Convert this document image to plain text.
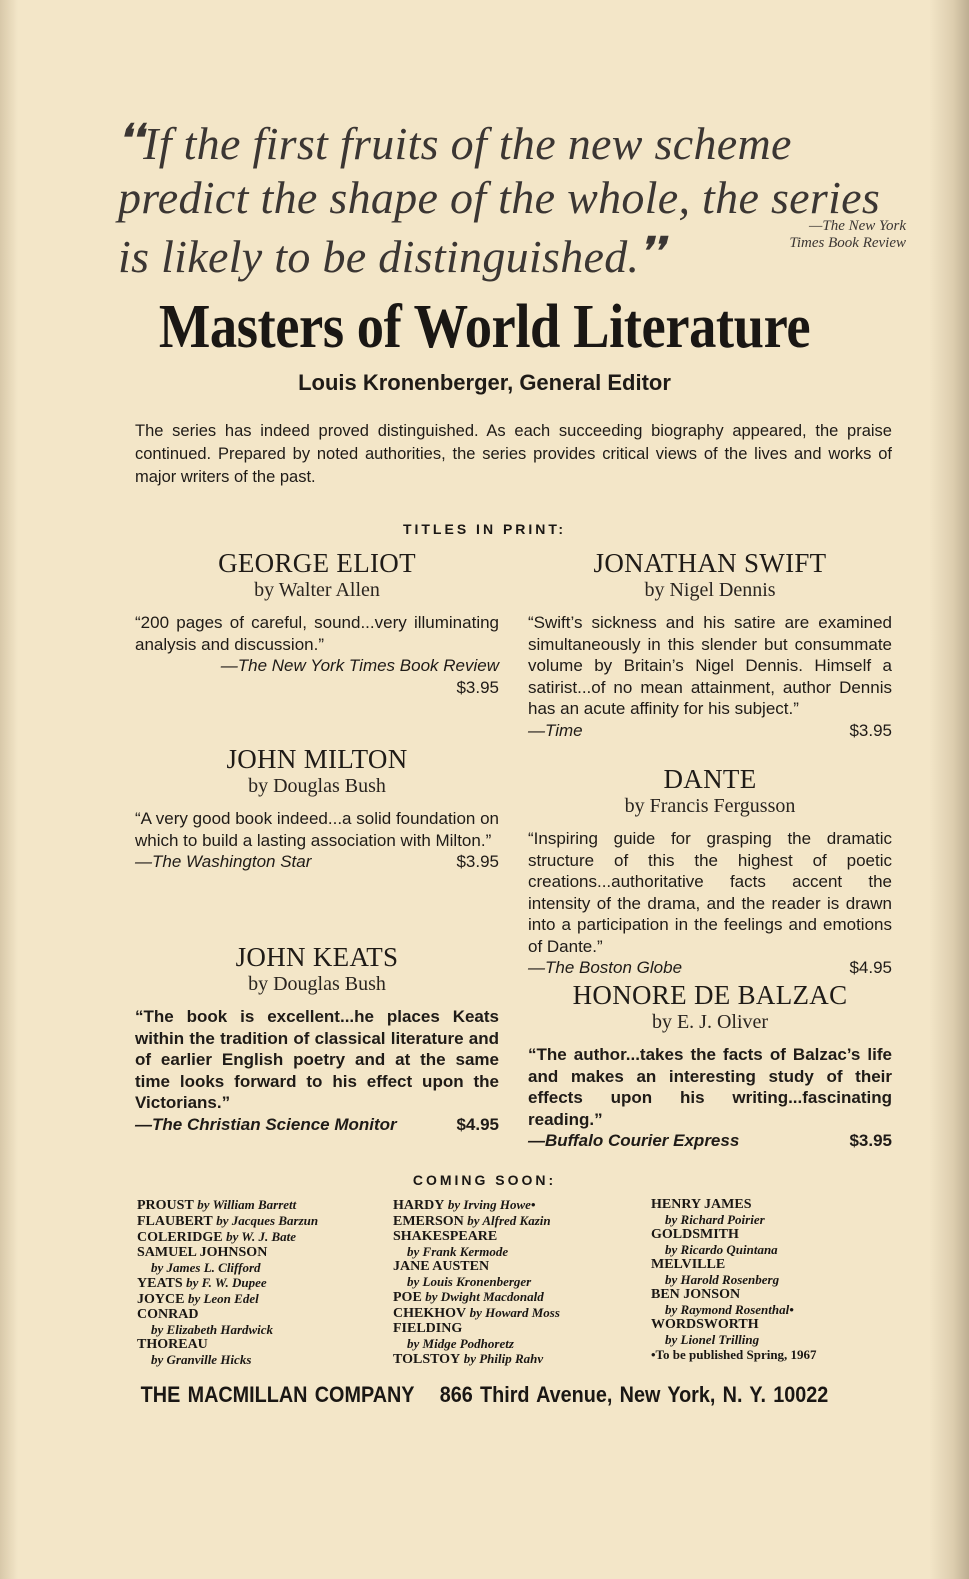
❛❛If the first fruits of the new scheme
predict the shape of the whole, the series
is likely to be distinguished.❜❜
—The New York
Times Book Review
Masters of World Literature
Louis Kronenberger, General Editor
The series has indeed proved distinguished. As each succeeding biography appeared, the praise continued. Prepared by noted authorities, the series provides critical views of the lives and works of major writers of the past.
TITLES IN PRINT:
GEORGE ELIOT
by Walter Allen
“200 pages of careful, sound...very illuminating analysis and discussion.”
—The New York Times Book Review
$3.95
JOHN MILTON
by Douglas Bush
“A very good book indeed...a solid foundation on which to build a lasting association with Milton.”
—The Washington Star	$3.95
JOHN KEATS
by Douglas Bush
“The book is excellent...he places Keats within the tradition of classical literature and of earlier English poetry and at the same time looks forward to his effect upon the Victorians.”
—The Christian Science Monitor	$4.95
JONATHAN SWIFT
by Nigel Dennis
“Swift’s sickness and his satire are examined simultaneously in this slender but consummate volume by Britain’s Nigel Dennis. Himself a satirist...of no mean attainment, author Dennis has an acute affinity for his subject.”
—Time	$3.95
DANTE
by Francis Fergusson
“Inspiring guide for grasping the dramatic structure of this the highest of poetic creations...authoritative facts accent the intensity of the drama, and the reader is drawn into a participation in the feelings and emotions of Dante.”
—The Boston Globe	$4.95
HONORE DE BALZAC
by E. J. Oliver
“The author...takes the facts of Balzac’s life and makes an interesting study of their effects upon his writing...fascinating reading.”
—Buffalo Courier Express	$3.95
COMING SOON:
PROUST by William Barrett
FLAUBERT by Jacques Barzun
COLERIDGE by W. J. Bate
SAMUEL JOHNSON
by James L. Clifford
YEATS by F. W. Dupee
JOYCE by Leon Edel
CONRAD
by Elizabeth Hardwick
THOREAU
by Granville Hicks
HARDY by Irving Howe•
EMERSON by Alfred Kazin
SHAKESPEARE
by Frank Kermode
JANE AUSTEN
by Louis Kronenberger
POE by Dwight Macdonald
CHEKHOV by Howard Moss
FIELDING
by Midge Podhoretz
TOLSTOY by Philip Rahv
HENRY JAMES
by Richard Poirier
GOLDSMITH
by Ricardo Quintana
MELVILLE
by Harold Rosenberg
BEN JONSON
by Raymond Rosenthal•
WORDSWORTH
by Lionel Trilling
•To be published Spring, 1967
THE MACMILLAN COMPANY 866 Third Avenue, New York, N. Y. 10022
